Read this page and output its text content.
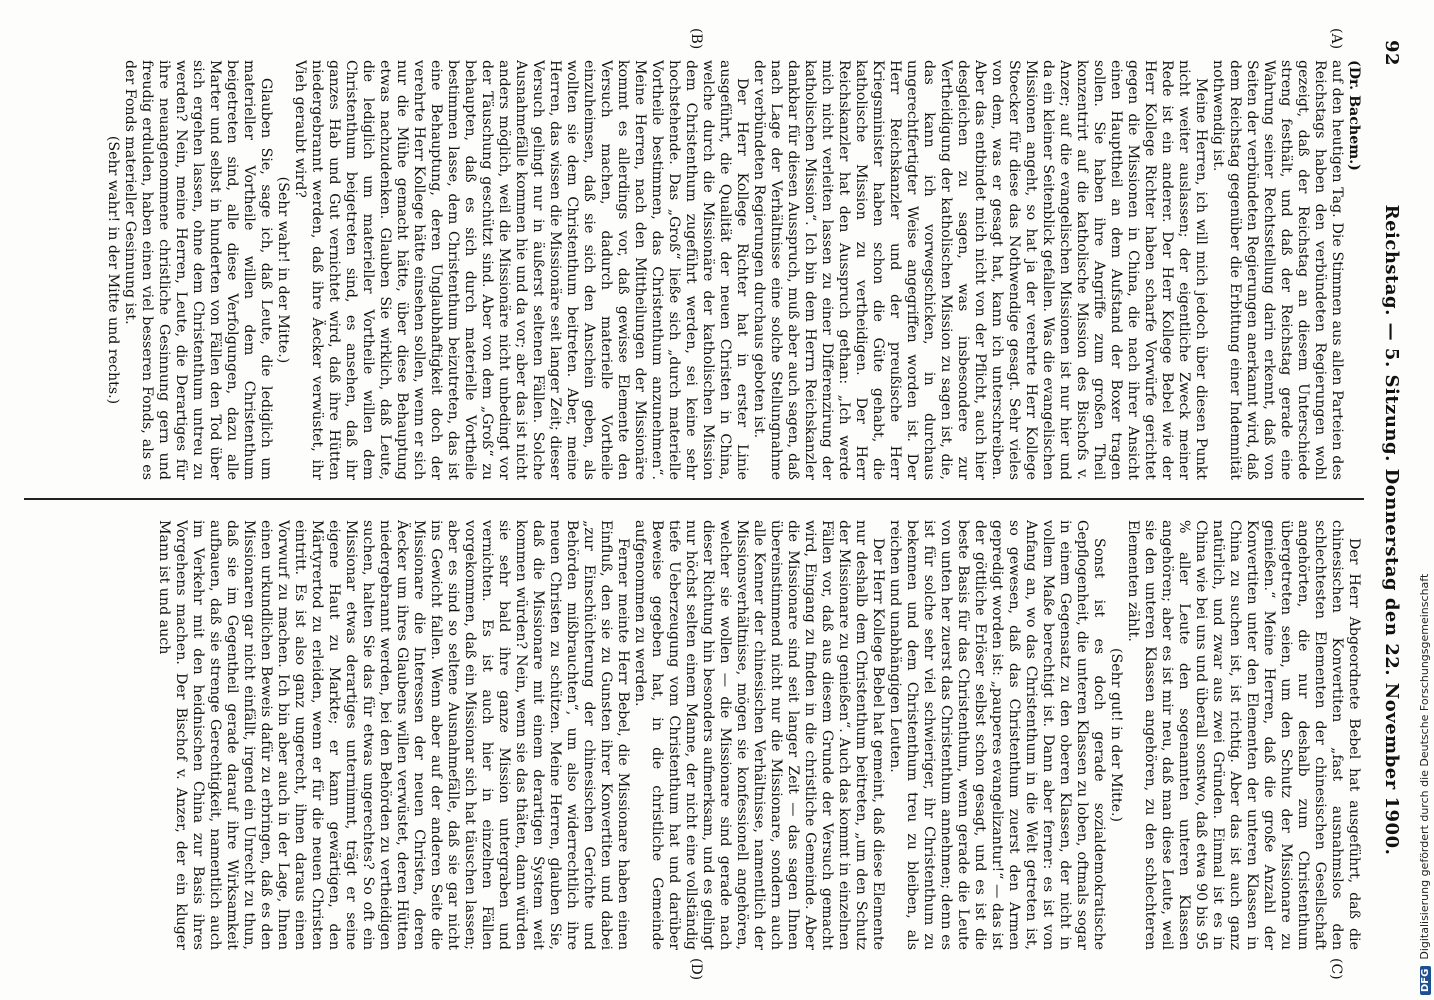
92
Reichstag. — 5. Sitzung. Donnerstag den 22. November 1900.
(A)
(B)
(C)
(D)

(Dr. Bachem.)

auf den heutigen Tag. Die Stimmen aus allen Parteien des Reichstags haben den verbündeten Regierungen wohl gezeigt, daß der Reichstag an diesem Unterschiede streng festhält, und daß der Reichstag gerade eine Wahrung seiner Rechtsstellung darin erkennt, daß von Seiten der verbündeten Regierungen anerkannt wird, daß dem Reichstag gegenüber die Erbittung einer Indemnität nothwendig ist.

Meine Herren, ich will mich jedoch über diesen Punkt nicht weiter auslassen; der eigentliche Zweck meiner Rede ist ein anderer. Der Herr Kollege Bebel wie der Herr Kollege Richter haben scharfe Vorwürfe gerichtet gegen die Missionen in China, die nach ihrer Ansicht einen Haupttheil an dem Aufstand der Boxer tragen sollen. Sie haben ihre Angriffe zum großen Theil konzentrirt auf die katholische Mission des Bischofs v. Anzer; auf die evangelischen Missionen ist nur hier und da ein kleiner Seitenblick gefallen. Was die evangelischen Missionen angeht, so hat ja der verehrte Herr Kollege Stoecker für diese das Nothwendige gesagt. Sehr vieles von dem, was er gesagt hat, kann ich unterschreiben. Aber das entbindet mich nicht von der Pflicht, auch hier desgleichen zu sagen, was insbesondere zur Vertheidigung der katholischen Mission zu sagen ist, die, das kann ich vorwegschicken, in durchaus ungerechtfertigter Weise angegriffen worden ist. Der Herr Reichskanzler und der preußische Herr Kriegsminister haben schon die Güte gehabt, die katholische Mission zu vertheidigen. Der Herr Reichskanzler hat den Ausspruch gethan: „Ich werde mich nicht verleiten lassen zu einer Differenzirung der katholischen Mission“. Ich bin dem Herrn Reichskanzler dankbar für diesen Ausspruch, muß aber auch sagen, daß nach Lage der Verhältnisse eine solche Stellungnahme der verbündeten Regierungen durchaus geboten ist.

Der Herr Kollege Richter hat in erster Linie ausgeführt, die Qualität der neuen Christen in China, welche durch die Missionäre der katholischen Mission dem Christenthum zugeführt werden, sei keine sehr hochstehende. Das „Groß“ ließe sich „durch materielle Vortheile bestimmen, das Christenthum anzunehmen“. Meine Herren, nach den Mittheilungen der Missionäre kommt es allerdings vor, daß gewisse Elemente den Versuch machen, dadurch materielle Vortheile einzuheimsen, daß sie sich den Anschein geben, als wollten sie dem Christenthum beitreten. Aber, meine Herren, das wissen die Missionäre seit langer Zeit; dieser Versuch gelingt nur in äußerst seltenen Fällen. Solche Ausnahmefälle kommen hie und da vor; aber das ist nicht anders möglich, weil die Missionäre nicht unbedingt vor der Täuschung geschützt sind. Aber von dem „Groß“ zu behaupten, daß es sich durch materielle Vortheile bestimmen lasse, dem Christenthum beizutreten, das ist eine Behauptung, deren Unglaubhaftigkeit doch der verehrte Herr Kollege hätte einsehen sollen, wenn er sich nur die Mühe gemacht hätte, über diese Behauptung etwas nachzudenken. Glauben Sie wirklich, daß Leute, die lediglich um materieller Vortheile willen dem Christenthum beigetreten sind, es ansehen, daß ihr ganzes Hab und Gut vernichtet wird, daß ihre Hütten niedergebrannt werden, daß ihre Äecker verwüstet, ihr Vieh geraubt wird?

(Sehr wahr! in der Mitte.)

Glauben Sie, sage ich, daß Leute, die lediglich um materieller Vortheile willen dem Christenthum beigetreten sind, alle diese Verfolgungen, dazu alle Marter und selbst in hunderten von Fällen den Tod über sich ergehen lassen, ohne dem Christenthum untreu zu werden? Nein, meine Herren, Leute, die Derartiges für ihre neuangenommene christliche Gesinnung gern und freudig erdulden, haben einen viel besseren Fonds, als es der Fonds materieller Gesinnung ist.

(Sehr wahr! in der Mitte und rechts.)

Der Herr Abgeordnete Bebel hat ausgeführt, daß die chinesischen Konvertiten „fast ausnahmslos den schlechtesten Elementen der chinesischen Gesellschaft angehörten, die nur deshalb zum Christenthum übergetreten seien, um den Schutz der Missionare zu genießen.“ Meine Herren, daß die große Anzahl der Konvertiten unter den Elementen der unteren Klassen in China zu suchen ist, ist richtig. Aber das ist auch ganz natürlich, und zwar aus zwei Gründen. Einmal ist es in China wie bei uns und überall sonstwo, daß etwa 90 bis 95 % aller Leute den sogenannten unteren Klassen angehören; aber es ist mir neu, daß man diese Leute, weil sie den unteren Klassen angehören, zu den schlechteren Elementen zählt.

(Sehr gut! in der Mitte.)

Sonst ist es doch gerade sozialdemokratische Gepflogenheit, die unteren Klassen zu loben, oftmals sogar in einem Gegensatz zu den oberen Klassen, der nicht in vollem Maße berechtigt ist. Dann aber ferner: es ist von Anfang an, wo das Christenthum in die Welt getreten ist, so gewesen, daß das Christenthum zuerst den Armen gepredigt worden ist: „pauperes evangelizantur!“ — das ist der göttliche Erlöser selbst schon gesagt, und es ist die beste Basis für das Christenthum, wenn gerade die Leute von unten her zuerst das Christenthum annehmen; denn es ist für solche sehr viel schwieriger, ihr Christenthum zu bekennen und dem Christenthum treu zu bleiben, als reichen und unabhängigen Leuten.

Der Herr Kollege Bebel hat gemeint, daß diese Elemente nur deshalb dem Christenthum beitreten, „um den Schutz der Missionare zu genießen“. Auch das kommt in einzelnen Fällen vor, daß aus diesem Grunde der Versuch gemacht wird, Eingang zu finden in die christliche Gemeinde. Aber die Missionare sind seit langer Zeit — das sagen Ihnen übereinstimmend nicht nur die Missionare, sondern auch alle Kenner der chinesischen Verhältnisse, namentlich der Missionsverhältnisse, mögen sie konfessionell angehören, welcher sie wollen — die Missionare sind gerade nach dieser Richtung hin besonders aufmerksam, und es gelingt nur höchst selten einem Manne, der nicht eine vollständig tiefe Ueberzeugung vom Christenthum hat und darüber Beweise gegeben hat, in die christliche Gemeinde aufgenommen zu werden.

Ferner meinte Herr Bebel, die Missionare haben einen Einfluß, den sie zu Gunsten ihrer Konvertiten und dabei „zur Einschüchterung der chinesischen Gerichte und Behörden mißbrauchten“, um also widerrechtlich ihre neuen Christen zu schützen. Meine Herren, glauben Sie, daß die Missionare mit einem derartigen System weit kommen würden? Nein, wenn sie das thäten, dann würden sie sehr bald ihre ganze Mission untergraben und vernichten. Es ist auch hier in einzelnen Fällen vorgekommen, daß ein Missionar sich hat täuschen lassen; aber es sind so seltene Ausnahmefälle, daß sie gar nicht ins Gewicht fallen. Wenn aber auf der anderen Seite die Missionare die Interessen der neuen Christen, deren Äecker um ihres Glaubens willen verwüstet, deren Hütten niedergebrannt werden, bei den Behörden zu vertheidigen suchen, halten Sie das für etwas ungerechtes? So oft ein Missionar etwas derartiges unternimmt, trägt er seine eigene Haut zu Markte; er kann gewärtigen, den Märtyrertod zu erleiden, wenn er für die neuen Christen eintritt. Es ist also ganz ungerecht, ihnen daraus einen Vorwurf zu machen. Ich bin aber auch in der Lage, Ihnen einen urkundlichen Beweis dafür zu erbringen, daß es den Missionaren gar nicht einfällt, irgend ein Unrecht zu thun, daß sie im Gegentheil gerade darauf ihre Wirksamkeit aufbauen, daß sie strenge Gerechtigkeit, namentlich auch im Verkehr mit den heidnischen China zur Basis ihres Vorgehens machen. Der Bischof v. Anzer, der ein kluger Mann ist und auch

DFGDigitalisierung gefördert durch die Deutsche Forschungsgemeinschaft
